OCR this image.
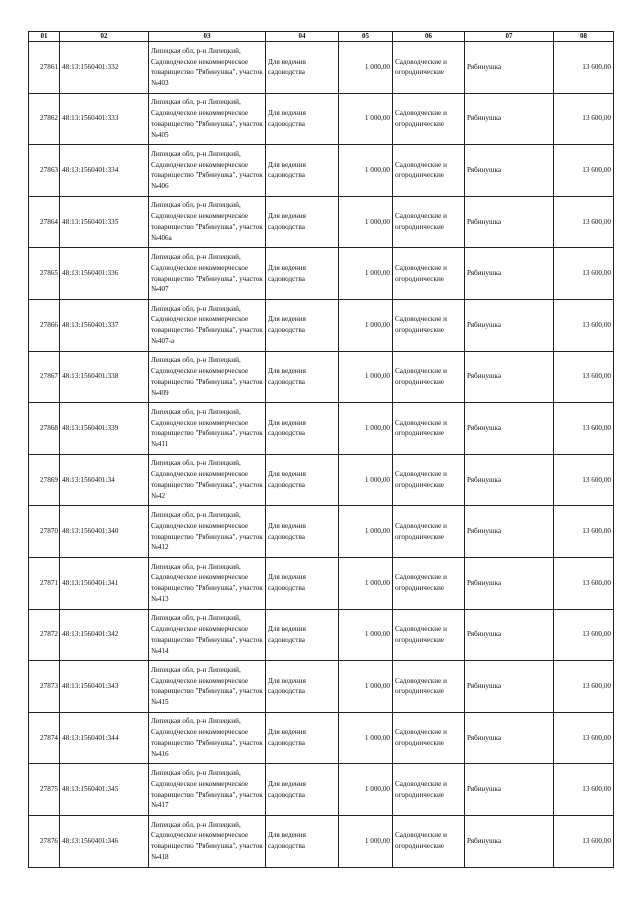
01	02	03	04	05	06	07	08
27861	48:13:1560401:332	Липецкая обл, р-н Липецкий, Садоводческое некоммерческое товарищество "Рябинушка", участок №403	Для ведения садоводства	1 000,00	Садоводческие и огороднические	Рябинушка	13 600,00
27862	48:13:1560401:333	Липецкая обл, р-н Липецкий, Садоводческое некоммерческое товарищество "Рябинушка", участок №405	Для ведения садоводства	1 000,00	Садоводческие и огороднические	Рябинушка	13 600,00
27863	48:13:1560401:334	Липецкая обл, р-н Липецкий, Садоводческое некоммерческое товарищество "Рябинушка", участок №406	Для ведения садоводства	1 000,00	Садоводческие и огороднические	Рябинушка	13 600,00
27864	48:13:1560401:335	Липецкая обл, р-н Липецкий, Садоводческое некоммерческое товарищество "Рябинушка", участок №406а	Для ведения садоводства	1 000,00	Садоводческие и огороднические	Рябинушка	13 600,00
27865	48:13:1560401:336	Липецкая обл, р-н Липецкий, Садоводческое некоммерческое товарищество "Рябинушка", участок №407	Для ведения садоводства	1 000,00	Садоводческие и огороднические	Рябинушка	13 600,00
27866	48:13:1560401:337	Липецкая обл, р-н Липецкий, Садоводческое некоммерческое товарищество "Рябинушка", участок №407-а	Для ведения садоводства	1 000,00	Садоводческие и огороднические	Рябинушка	13 600,00
27867	48:13:1560401:338	Липецкая обл, р-н Липецкий, Садоводческое некоммерческое товарищество "Рябинушка", участок №409	Для ведения садоводства	1 000,00	Садоводческие и огороднические	Рябинушка	13 600,00
27868	48:13:1560401:339	Липецкая обл, р-н Липецкий, Садоводческое некоммерческое товарищество "Рябинушка", участок №411	Для ведения садоводства	1 000,00	Садоводческие и огороднические	Рябинушка	13 600,00
27869	48:13:1560401:34	Липецкая обл, р-н Липецкий, Садоводческое некоммерческое товарищество "Рябинушка", участок №42	Для ведения садоводства	1 000,00	Садоводческие и огороднические	Рябинушка	13 600,00
27870	48:13:1560401:340	Липецкая обл, р-н Липецкий, Садоводческое некоммерческое товарищество "Рябинушка", участок №412	Для ведения садоводства	1 000,00	Садоводческие и огороднические	Рябинушка	13 600,00
27871	48:13:1560401:341	Липецкая обл, р-н Липецкий, Садоводческое некоммерческое товарищество "Рябинушка", участок №413	Для ведения садоводства	1 000,00	Садоводческие и огороднические	Рябинушка	13 600,00
27872	48:13:1560401:342	Липецкая обл, р-н Липецкий, Садоводческое некоммерческое товарищество "Рябинушка", участок №414	Для ведения садоводства	1 000,00	Садоводческие и огороднические	Рябинушка	13 600,00
27873	48:13:1560401:343	Липецкая обл, р-н Липецкий, Садоводческое некоммерческое товарищество "Рябинушка", участок №415	Для ведения садоводства	1 000,00	Садоводческие и огороднические	Рябинушка	13 600,00
27874	48:13:1560401:344	Липецкая обл, р-н Липецкий, Садоводческое некоммерческое товарищество "Рябинушка", участок №416	Для ведения садоводства	1 000,00	Садоводческие и огороднические	Рябинушка	13 600,00
27875	48:13:1560401:345	Липецкая обл, р-н Липецкий, Садоводческое некоммерческое товарищество "Рябинушка", участок №417	Для ведения садоводства	1 000,00	Садоводческие и огороднические	Рябинушка	13 600,00
27876	48:13:1560401:346	Липецкая обл, р-н Липецкий, Садоводческое некоммерческое товарищество "Рябинушка", участок №418	Для ведения садоводства	1 000,00	Садоводческие и огороднические	Рябинушка	13 600,00
